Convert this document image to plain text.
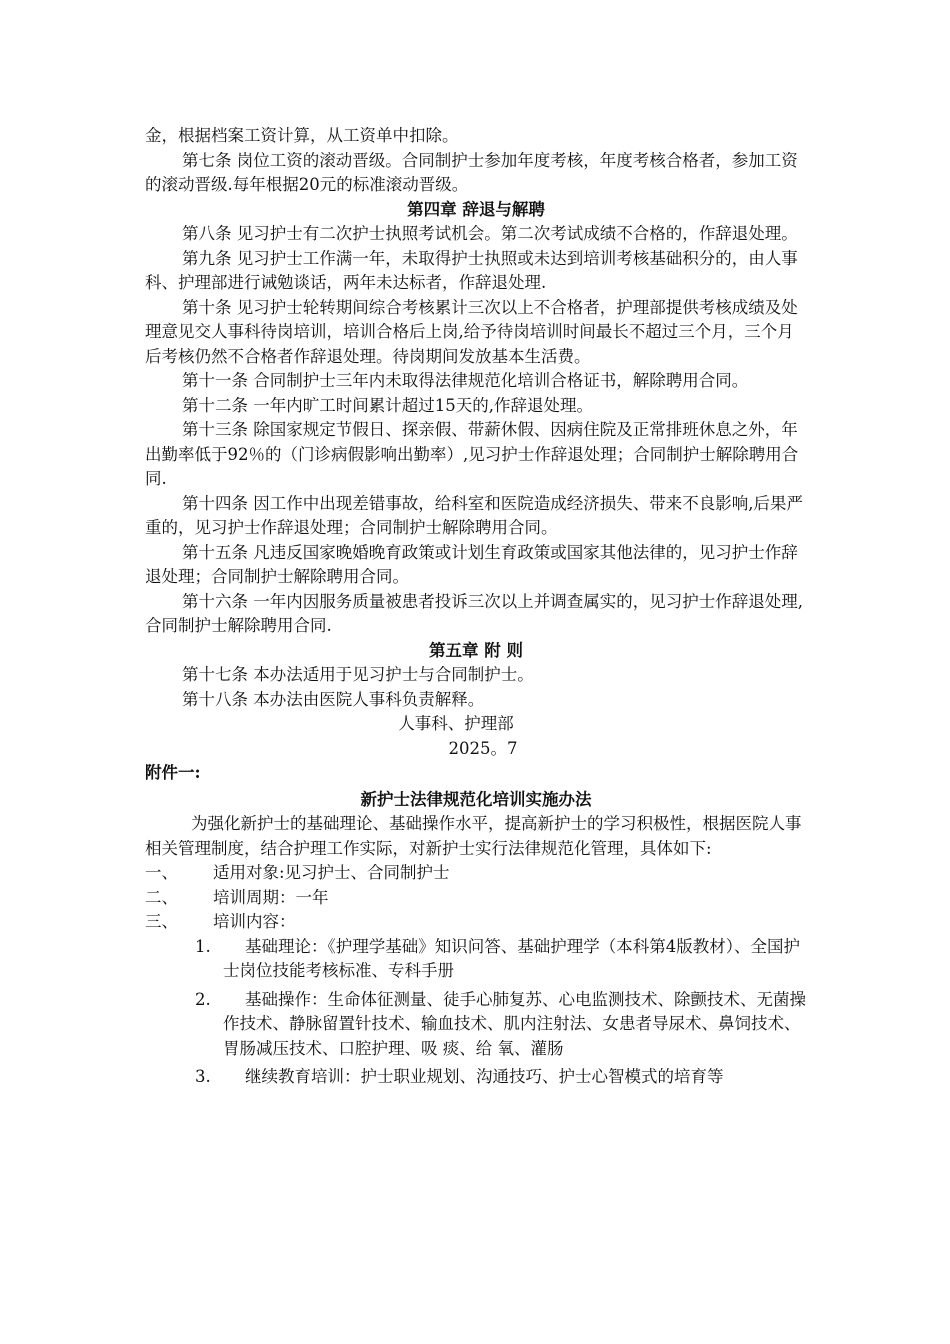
金，根据档案工资计算，从工资单中扣除。

第七条 岗位工资的滚动晋级。合同制护士参加年度考核，年度考核合格者，参加工资的滚动晋级.每年根据20元的标准滚动晋级。

第四章 辞退与解聘

第八条 见习护士有二次护士执照考试机会。第二次考试成绩不合格的，作辞退处理。

第九条 见习护士工作满一年，未取得护士执照或未达到培训考核基础积分的，由人事科、护理部进行诫勉谈话，两年未达标者，作辞退处理.

第十条 见习护士轮转期间综合考核累计三次以上不合格者，护理部提供考核成绩及处理意见交人事科待岗培训，培训合格后上岗,给予待岗培训时间最长不超过三个月，三个月后考核仍然不合格者作辞退处理。待岗期间发放基本生活费。

第十一条 合同制护士三年内未取得法律规范化培训合格证书，解除聘用合同。

第十二条 一年内旷工时间累计超过15天的,作辞退处理。

第十三条 除国家规定节假日、探亲假、带薪休假、因病住院及正常排班休息之外，年出勤率低于92％的（门诊病假影响出勤率）,见习护士作辞退处理；合同制护士解除聘用合同.

第十四条 因工作中出现差错事故，给科室和医院造成经济损失、带来不良影响,后果严重的，见习护士作辞退处理；合同制护士解除聘用合同。

第十五条 凡违反国家晚婚晚育政策或计划生育政策或国家其他法律的，见习护士作辞退处理；合同制护士解除聘用合同。

第十六条 一年内因服务质量被患者投诉三次以上并调查属实的，见习护士作辞退处理,合同制护士解除聘用合同.

第五章 附 则

第十七条 本办法适用于见习护士与合同制护士。

第十八条 本办法由医院人事科负责解释。

人事科、护理部

2025。7

附件一:

新护士法律规范化培训实施办法

为强化新护士的基础理论、基础操作水平，提高新护士的学习积极性，根据医院人事相关管理制度，结合护理工作实际，对新护士实行法律规范化管理，具体如下:

一、	适用对象:见习护士、合同制护士
二、	培训周期：一年
三、	培训内容：
1.	基础理论：《护理学基础》知识问答、基础护理学（本科第4版教材）、全国护士岗位技能考核标准、专科手册
2.	基础操作：生命体征测量、徒手心肺复苏、心电监测技术、除颤技术、无菌操作技术、静脉留置针技术、输血技术、肌内注射法、女患者导尿术、鼻饲技术、胃肠减压技术、口腔护理、吸 痰、给 氧、灌肠
3.	继续教育培训：护士职业规划、沟通技巧、护士心智模式的培育等
